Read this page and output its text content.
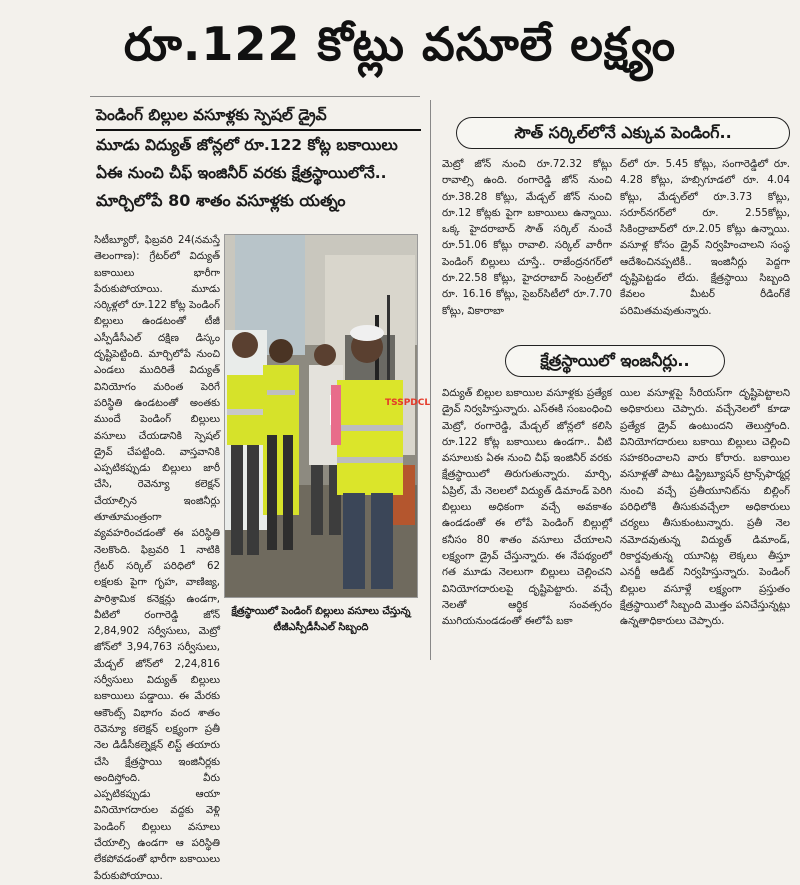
రూ.122 కోట్లు వసూలే లక్ష్యం
పెండింగ్ బిల్లుల వసూళ్లకు స్పెషల్ డ్రైవ్
మూడు విద్యుత్ జోన్లలో రూ.122 కోట్ల బకాయిలు
ఏఈ నుంచి చీఫ్ ఇంజినీర్ వరకు క్షేత్రస్థాయిలోనే..
మార్చిలోపే 80 శాతం వసూళ్లకు యత్నం

సిటీబ్యూరో, ఫిబ్రవరి 24(నమస్తే తెలంగాణ): గ్రేటర్‌లో విద్యుత్ బకాయిలు భారీగా పేరుకుపోయాయి. మూడు సర్కిళ్లలో రూ.122 కోట్ల పెండింగ్ బిల్లులు ఉండటంతో టీజీ ఎస్పీడీసీఎల్ దక్షిణ డిస్కం దృష్టిపెట్టింది. మార్చిలోపే నుంచి ఎండలు ముదిరితే విద్యుత్ వినియోగం మరింత పెరిగే పరిస్థితి ఉండటంతో అంతకు ముందే పెండింగ్ బిల్లులు వసూలు చేయడానికి స్పెషల్ డ్రైవ్ చేపట్టింది. వాస్తవానికి ఎప్పటికప్పుడు బిల్లులు జారీ చేసి, రెవెన్యూ కలెక్షన్ చేయాల్సిన ఇంజినీర్లు తూతూమంత్రంగా వ్యవహరించడంతో ఈ పరిస్థితి నెలకొంది. ఫిబ్రవరి 1 నాటికి గ్రేటర్ సర్కిల్ పరిధిలో 62 లక్షలకు పైగా గృహ, వాణిజ్య, పారిశ్రామిక కనెక్షన్లు ఉండగా, వీటిలో రంగారెడ్డి జోన్ 2,84,902 సర్వీసులు, మెట్రో జోన్‌లో 3,94,763 సర్వీసులు, మేడ్చల్ జోన్‌లో 2,24,816 సర్వీసులు విద్యుత్ బిల్లులు బకాయిలు పడ్డాయి. ఈ మేరకు ఆకౌంట్స్ విభాగం వంద శాతం రెవెన్యూ కలెక్షన్ లక్ష్యంగా ప్రతీ నెల డిడీసీకల్నెక్షన్ లిస్ట్ తయారు చేసి క్షేత్రస్థాయి ఇంజినీర్లకు అందిస్తోంది. వీరు ఎప్పటికప్పుడు ఆయా వినియోగదారుల వద్దకు వెళ్లి పెండింగ్ బిల్లులు వసూలు చేయాల్సి ఉండగా ఆ పరిస్థితి లేకపోవడంతో భారీగా బకాయిలు పేరుకుపోయాయి.

TSSPDCL
క్షేత్రస్థాయిలో పెండింగ్ బిల్లులు వసూలు చేస్తున్న టీజీఎస్పీడీసీఎల్ సిబ్బంది
సౌత్ సర్కిల్‌లోనే ఎక్కువ పెండింగ్..

మెట్రో జోన్ నుంచి రూ.72.32 కోట్లు రావాల్సి ఉంది. రంగారెడ్డి జోన్ నుంచి రూ.38.28 కోట్లు, మేడ్చల్ జోన్ నుంచి రూ.12 కోట్లకు పైగా బకాయిలు ఉన్నాయి. ఒక్క హైదరాబాద్ సౌత్ సర్కిల్ నుంచే రూ.51.06 కోట్లు రావాలి. సర్కిల్ వారీగా పెండింగ్ బిల్లులు చూస్తే.. రాజేంద్రనగర్‌లో రూ.22.58 కోట్లు, హైదరాబాద్ సెంట్రల్‌లో రూ. 16.16 కోట్లు, సైబర్‌సిటీలో రూ.7.70 కోట్లు, వికారాబా

ద్‌లో రూ. 5.45 కోట్లు, సంగారెడ్డిలో రూ. 4.28 కోట్లు, హబ్సిగూడలో రూ. 4.04 కోట్లు, మేడ్చల్‌లో రూ.3.73 కోట్లు, సరూర్‌నగర్‌లో రూ. 2.55కోట్లు, సికింద్రాబాద్‌లో రూ.2.05 కోట్లు ఉన్నాయి. వసూళ్ల కోసం డ్రైవ్ నిర్వహించాలని సంస్థ ఆదేశించినప్పటికీ.. ఇంజినీర్లు పెద్దగా దృష్టిపెట్టడం లేదు. క్షేత్రస్థాయి సిబ్బంది కేవలం మీటర్ రీడింగ్‌కే పరిమితమవుతున్నారు.

క్షేత్రస్థాయిలో ఇంజనీర్లు..

విద్యుత్ బిల్లుల బకాయిల వసూళ్లకు ప్రత్యేక డ్రైవ్ నిర్వహిస్తున్నారు. ఎస్ఈకి సంబంధించి మెట్రో, రంగారెడ్డి, మేడ్చల్ జోన్లలో కలిసి రూ.122 కోట్ల బకాయిలు ఉండగా.. వీటి వసూలుకు ఏఈ నుంచి చీఫ్ ఇంజినీర్ వరకు క్షేత్రస్థాయిలో తిరుగుతున్నారు. మార్చి, ఏప్రిల్, మే నెలలలో విద్యుత్ డిమాండ్ పెరిగి బిల్లులు అధికంగా వచ్చే అవకాశం ఉండడంతో ఈ లోపే పెండింగ్ బిల్లుల్లో కనీసం 80 శాతం వసూలు చేయాలని లక్ష్యంగా డ్రైవ్ చేస్తున్నారు. ఈ నేపథ్యంలో గత మూడు నెలలుగా బిల్లులు చెల్లించని వినియోగదారులపై దృష్టిపెట్టారు. వచ్చే నెలతో ఆర్థిక సంవత్సరం ముగియనుండడంతో ఈలోపే బకా

యిల వసూళ్లపై సీరియస్‌గా దృష్టిపెట్టాలని అధికారులు చెప్పారు. వచ్చేనెలలో కూడా ప్రత్యేక డ్రైవ్ ఉంటుందని తెలుస్తోంది. వినియోగదారులు బకాయి బిల్లులు చెల్లించి సహకరించాలని వారు కోరారు. బకాయిల వసూళ్లతో పాటు డిస్ట్రిబ్యూషన్ ట్రాన్స్‌ఫార్మర్ల నుంచి వచ్చే ప్రతీయూనిట్‌ను బిల్లింగ్ పరిధిలోకి తీసుకువచ్చేలా అధికారులు చర్యలు తీసుకుంటున్నారు. ప్రతీ నెల నమోదవుతున్న విద్యుత్ డిమాండ్, రికార్డవుతున్న యూనిట్ల లెక్కలు తీస్తూ ఎనర్జీ ఆడిట్ నిర్వహిస్తున్నారు. పెండింగ్ బిల్లుల వసూళ్లే లక్ష్యంగా ప్రస్తుతం క్షేత్రస్థాయిలో సిబ్బంది మొత్తం పనిచేస్తున్నట్లు ఉన్నతాధికారులు చెప్పారు.
